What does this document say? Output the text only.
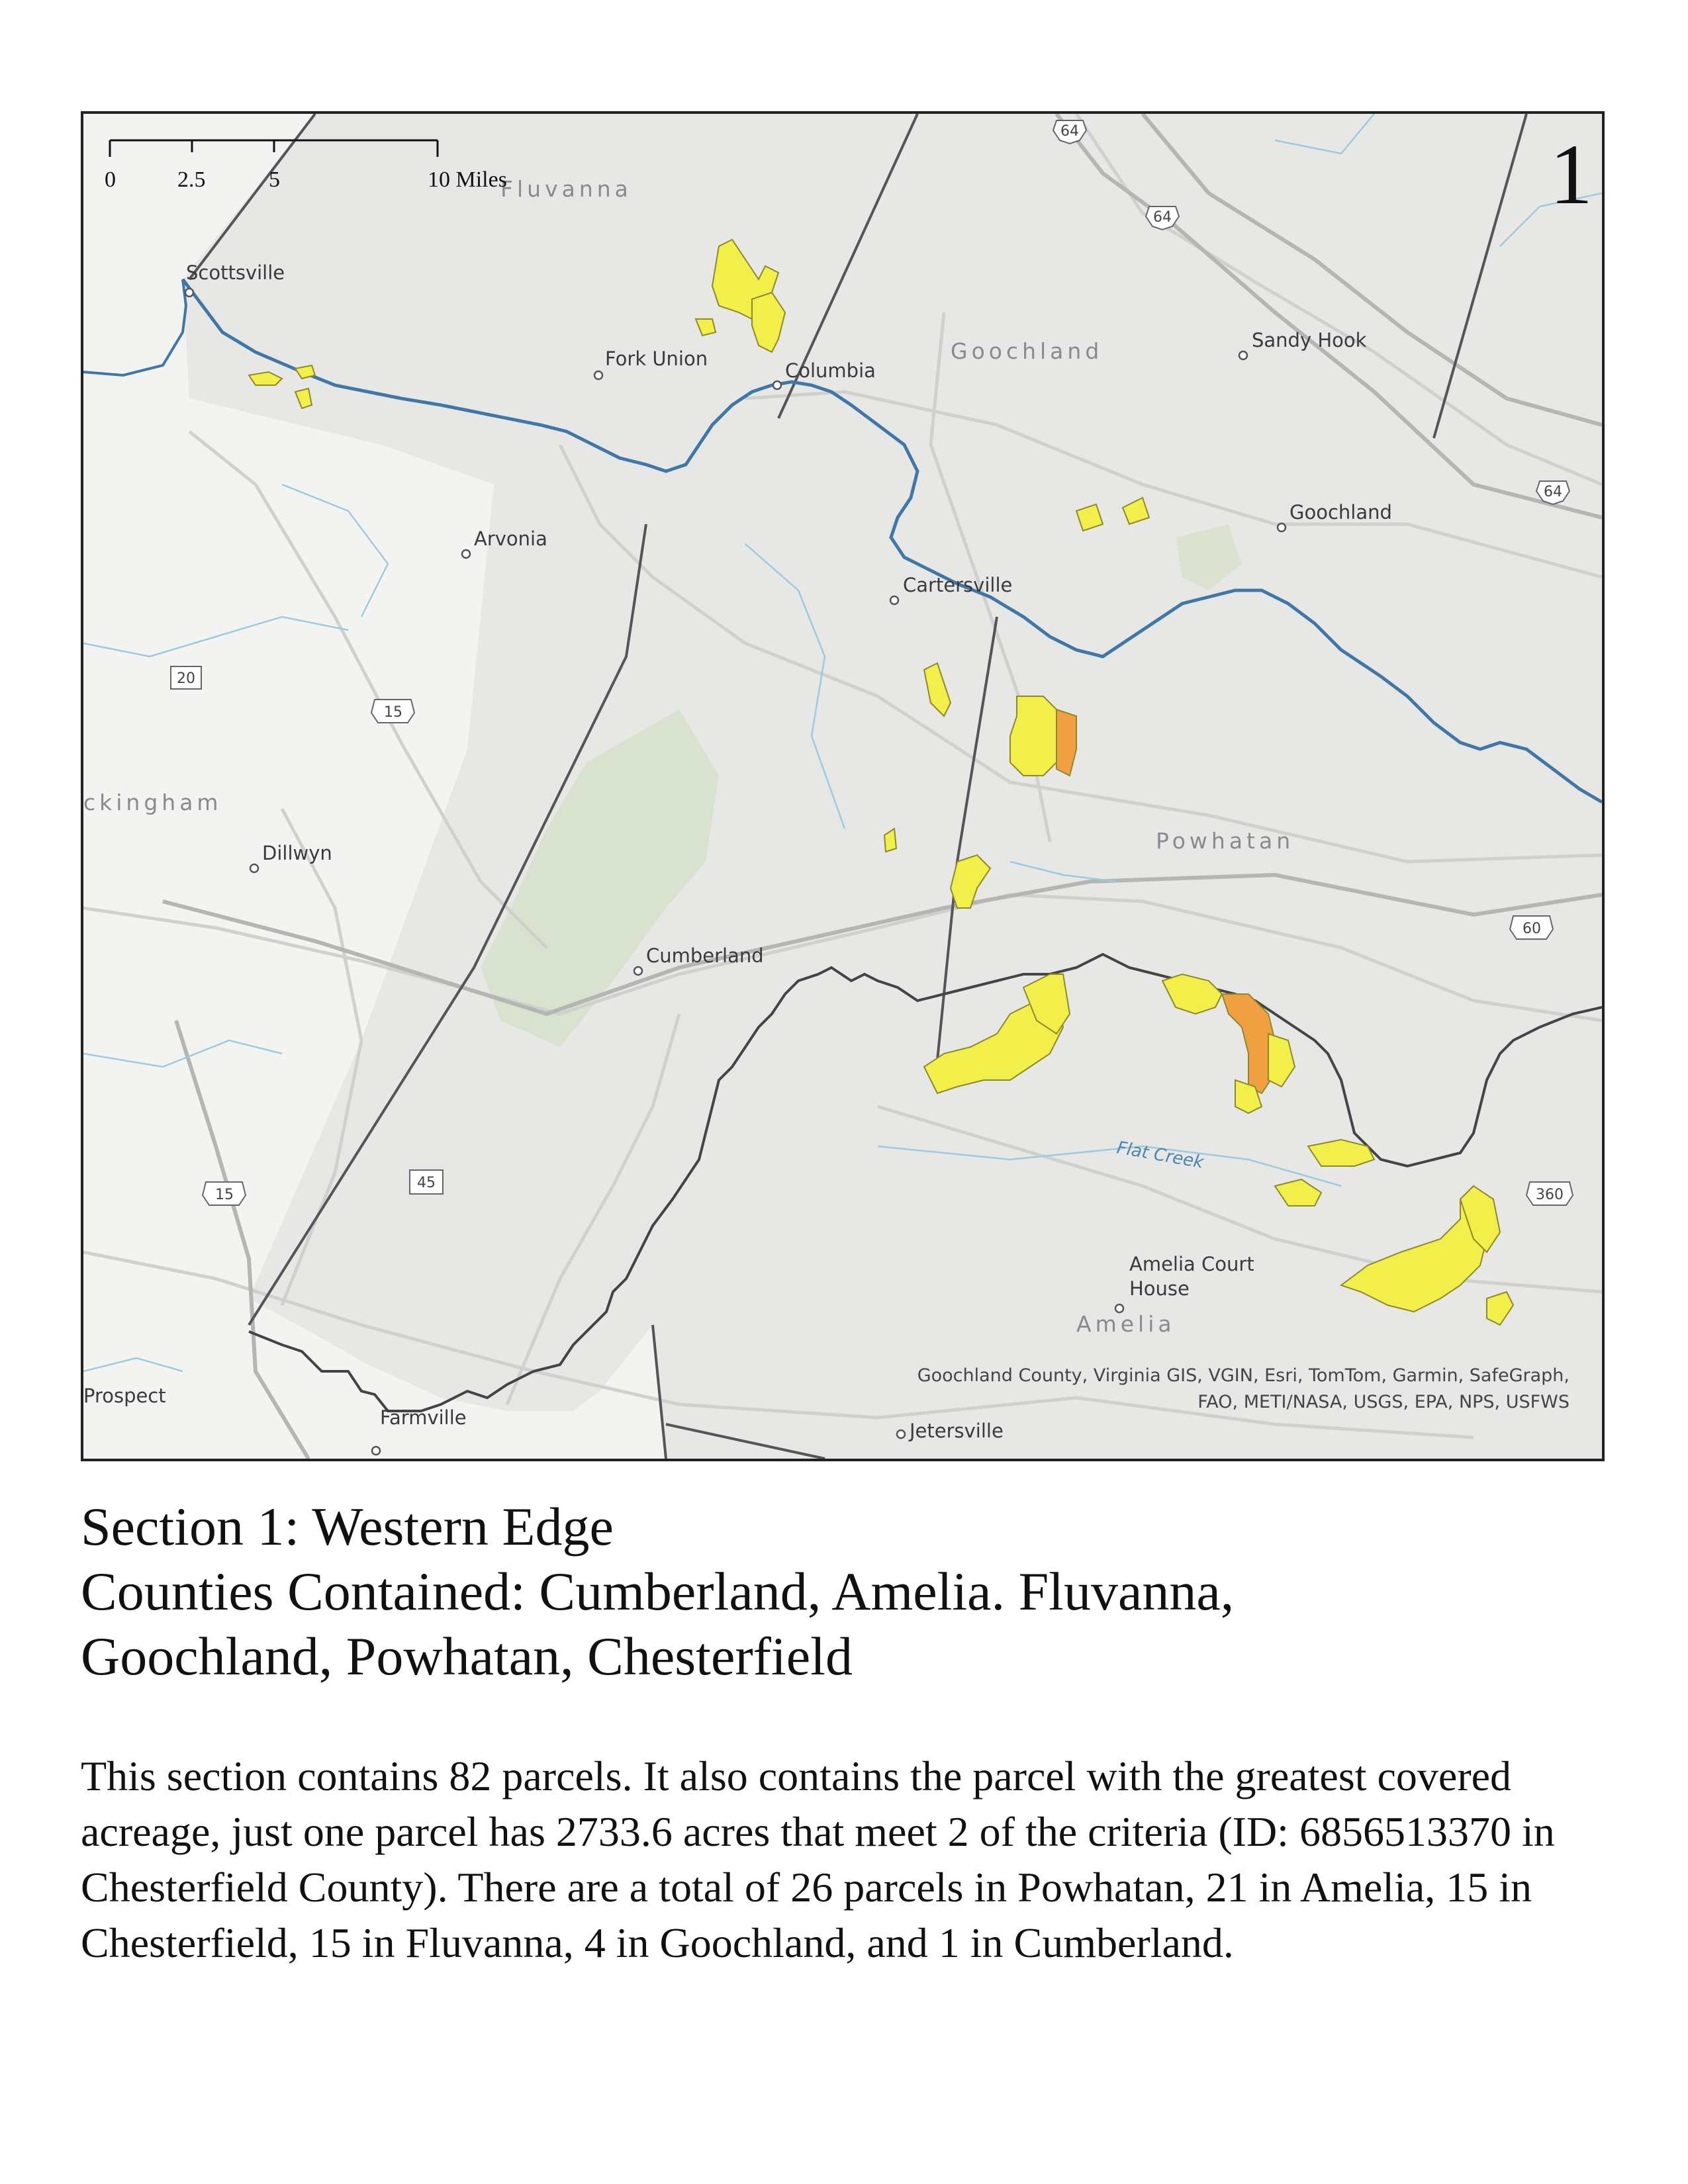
64
64
64
20
15
60
15
45
360
Scottsville
Fork Union
Columbia
Sandy Hook
Goochland
Arvonia
Cartersville
Dillwyn
Cumberland
Amelia Court
House
Prospect
Farmville
Jetersville
Fluvanna
Goochland
Powhatan
ckingham
Amelia
Flat Creek
0	2.5	5	10 Miles	1
Goochland County, Virginia GIS, VGIN, Esri, TomTom, Garmin, SafeGraph,
FAO, METI/NASA, USGS, EPA, NPS, USFWS
Section 1: Western Edge
Counties Contained: Cumberland, Amelia. Fluvanna,
Goochland, Powhatan, Chesterfield
This section contains 82 parcels. It also contains the parcel with the greatest covered acreage, just one parcel has 2733.6 acres that meet 2 of the criteria (ID: 6856513370 in Chesterfield County). There are a total of 26 parcels in Powhatan, 21 in Amelia, 15 in Chesterfield, 15 in Fluvanna, 4 in Goochland, and 1 in Cumberland.
